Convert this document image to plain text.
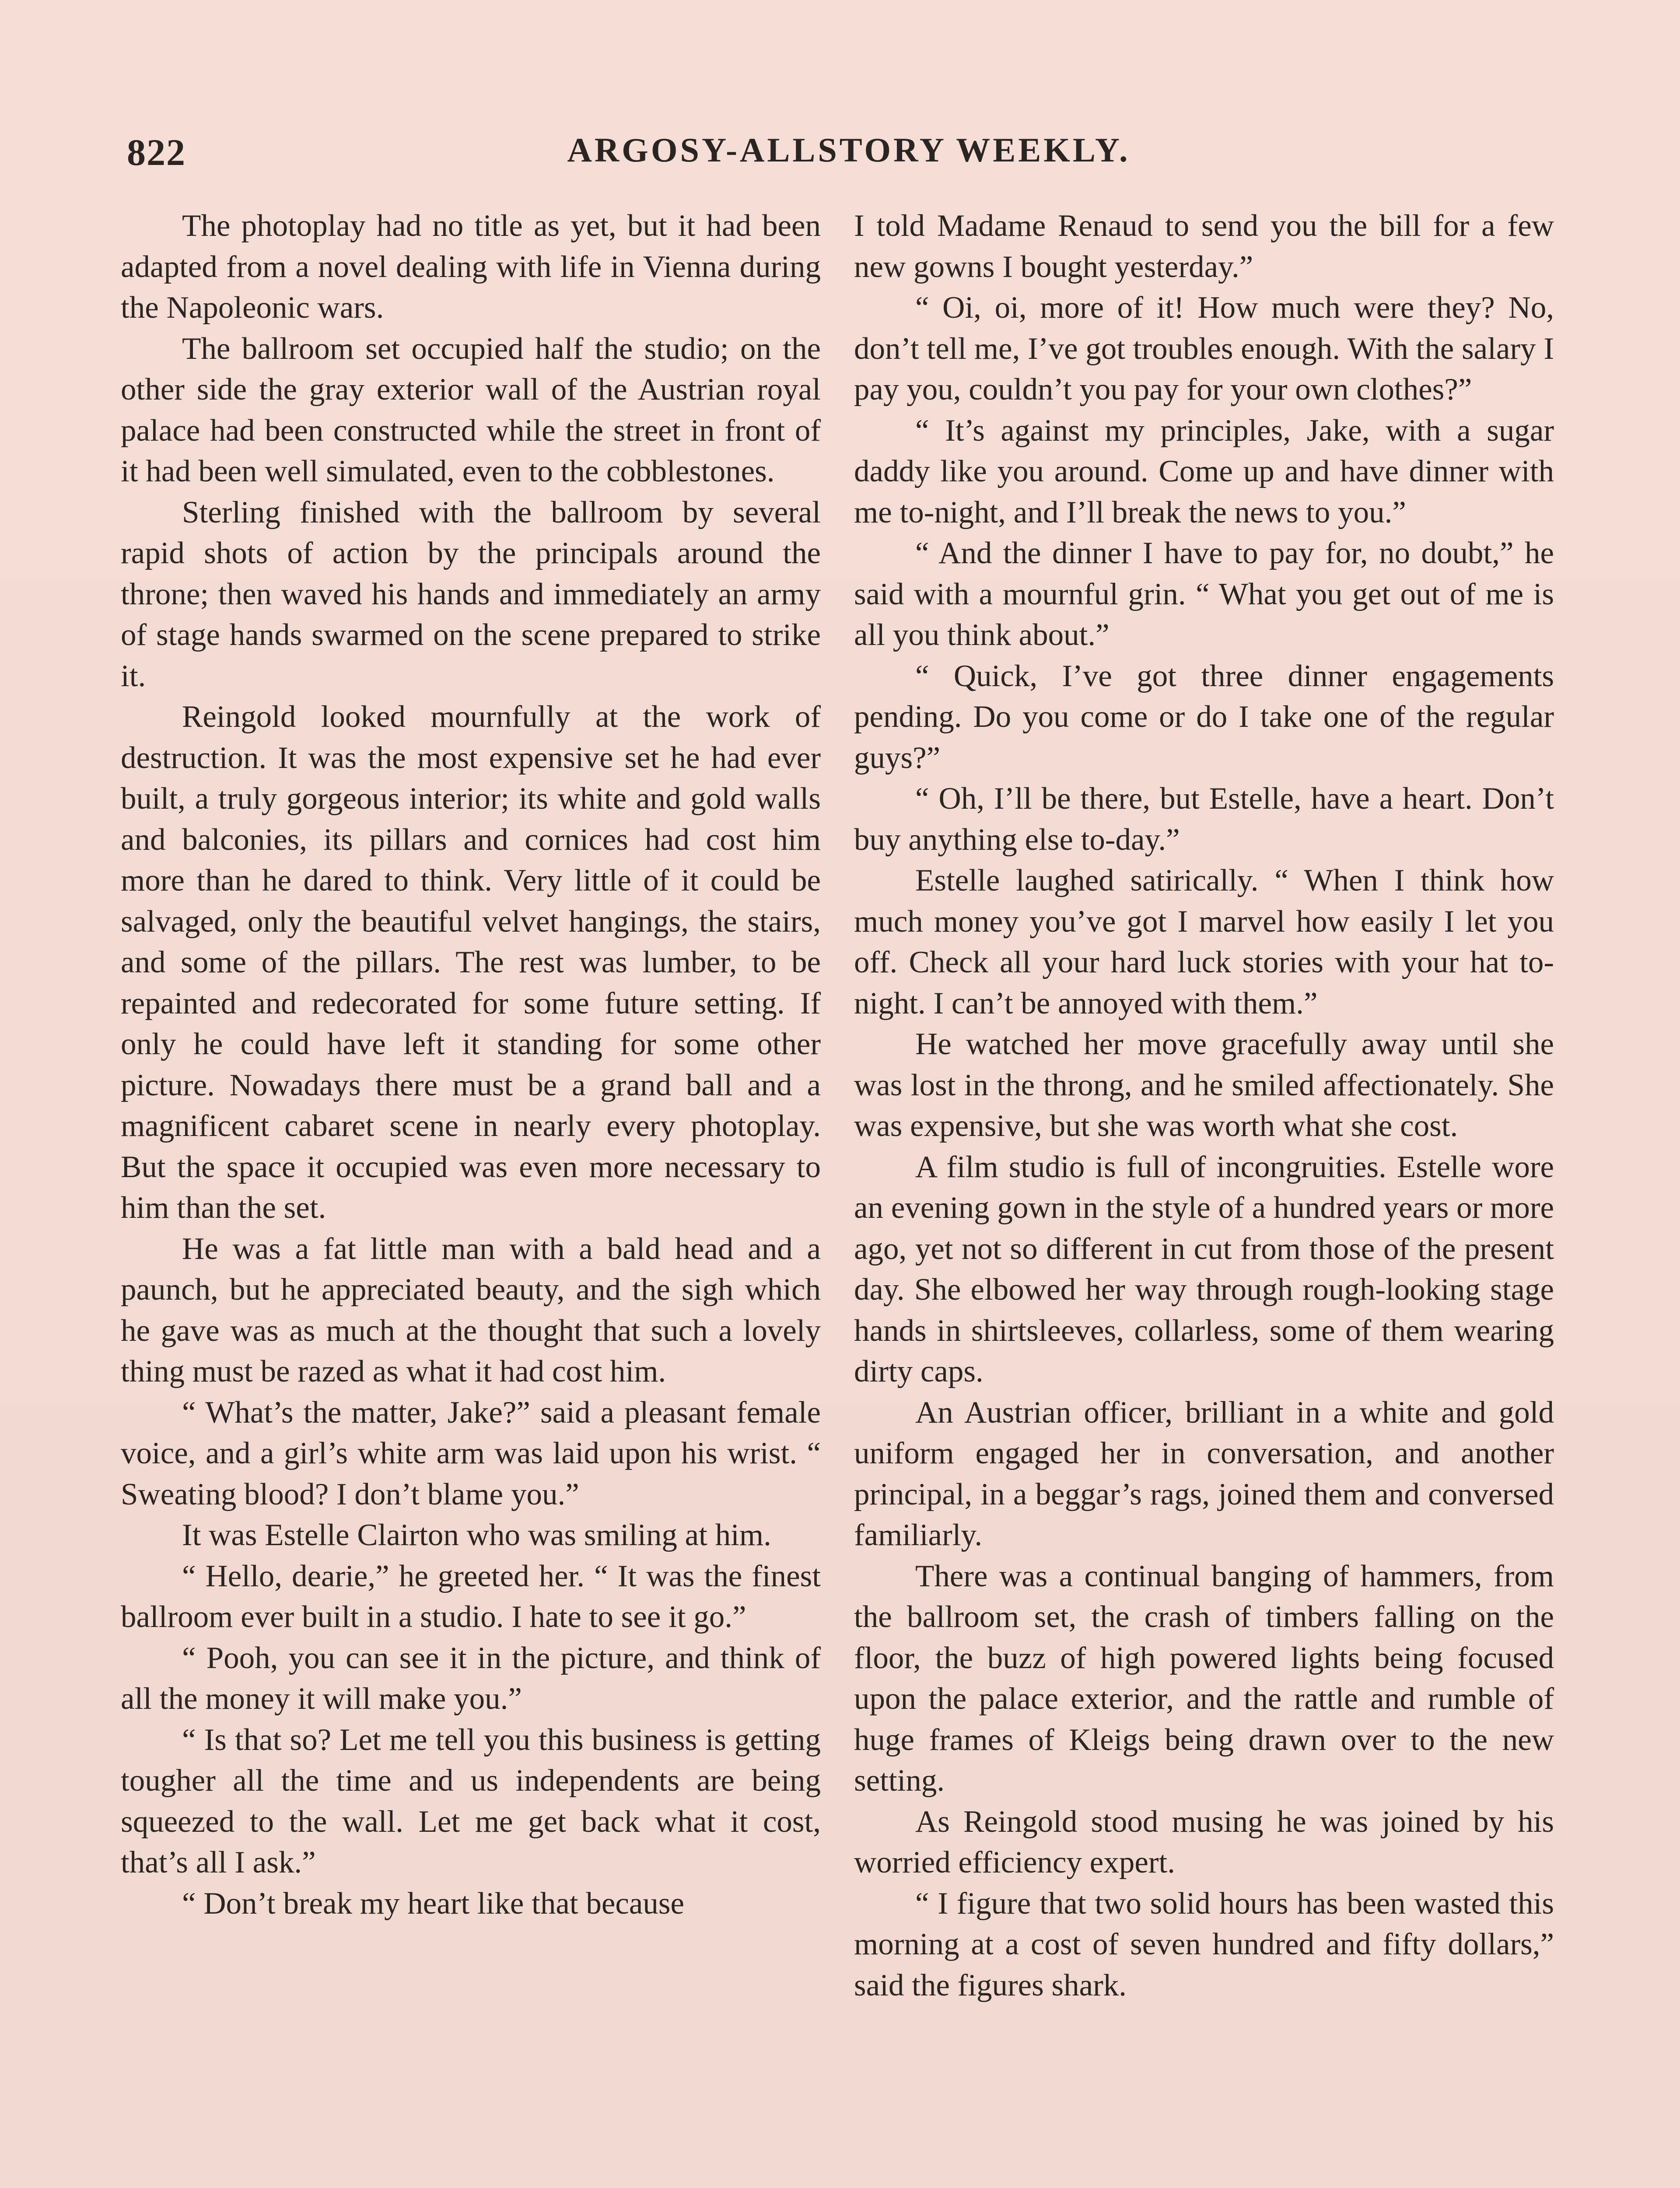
822	ARGOSY-ALLSTORY WEEKLY.

The photoplay had no title as yet, but it had been adapted from a novel dealing with life in Vienna during the Napoleonic wars.

The ballroom set occupied half the studio; on the other side the gray exterior wall of the Austrian royal palace had been constructed while the street in front of it had been well simulated, even to the cobblestones.

Sterling finished with the ballroom by several rapid shots of action by the principals around the throne; then waved his hands and immediately an army of stage hands swarmed on the scene prepared to strike it.

Reingold looked mournfully at the work of destruction. It was the most expensive set he had ever built, a truly gorgeous interior; its white and gold walls and balconies, its pillars and cornices had cost him more than he dared to think. Very little of it could be salvaged, only the beautiful velvet hangings, the stairs, and some of the pillars. The rest was lumber, to be repainted and redecorated for some future setting. If only he could have left it standing for some other picture. Nowadays there must be a grand ball and a magnificent cabaret scene in nearly every photoplay. But the space it occupied was even more necessary to him than the set.

He was a fat little man with a bald head and a paunch, but he appreciated beauty, and the sigh which he gave was as much at the thought that such a lovely thing must be razed as what it had cost him.

“ What’s the matter, Jake?” said a pleasant female voice, and a girl’s white arm was laid upon his wrist. “ Sweating blood? I don’t blame you.”

It was Estelle Clairton who was smiling at him.

“ Hello, dearie,” he greeted her. “ It was the finest ballroom ever built in a studio. I hate to see it go.”

“ Pooh, you can see it in the picture, and think of all the money it will make you.”

“ Is that so? Let me tell you this business is getting tougher all the time and us independents are being squeezed to the wall. Let me get back what it cost, that’s all I ask.”

“ Don’t break my heart like that because

I told Madame Renaud to send you the bill for a few new gowns I bought yesterday.”

“ Oi, oi, more of it! How much were they? No, don’t tell me, I’ve got troubles enough. With the salary I pay you, couldn’t you pay for your own clothes?”

“ It’s against my principles, Jake, with a sugar daddy like you around. Come up and have dinner with me to-night, and I’ll break the news to you.”

“ And the dinner I have to pay for, no doubt,” he said with a mournful grin. “ What you get out of me is all you think about.”

“ Quick, I’ve got three dinner engagements pending. Do you come or do I take one of the regular guys?”

“ Oh, I’ll be there, but Estelle, have a heart. Don’t buy anything else to-day.”

Estelle laughed satirically. “ When I think how much money you’ve got I marvel how easily I let you off. Check all your hard luck stories with your hat to-night. I can’t be annoyed with them.”

He watched her move gracefully away until she was lost in the throng, and he smiled affectionately. She was expensive, but she was worth what she cost.

A film studio is full of incongruities. Estelle wore an evening gown in the style of a hundred years or more ago, yet not so different in cut from those of the present day. She elbowed her way through rough-looking stage hands in shirtsleeves, collarless, some of them wearing dirty caps.

An Austrian officer, brilliant in a white and gold uniform engaged her in conversation, and another principal, in a beggar’s rags, joined them and conversed familiarly.

There was a continual banging of hammers, from the ballroom set, the crash of timbers falling on the floor, the buzz of high powered lights being focused upon the palace exterior, and the rattle and rumble of huge frames of Kleigs being drawn over to the new setting.

As Reingold stood musing he was joined by his worried efficiency expert.

“ I figure that two solid hours has been wasted this morning at a cost of seven hundred and fifty dollars,” said the figures shark.
